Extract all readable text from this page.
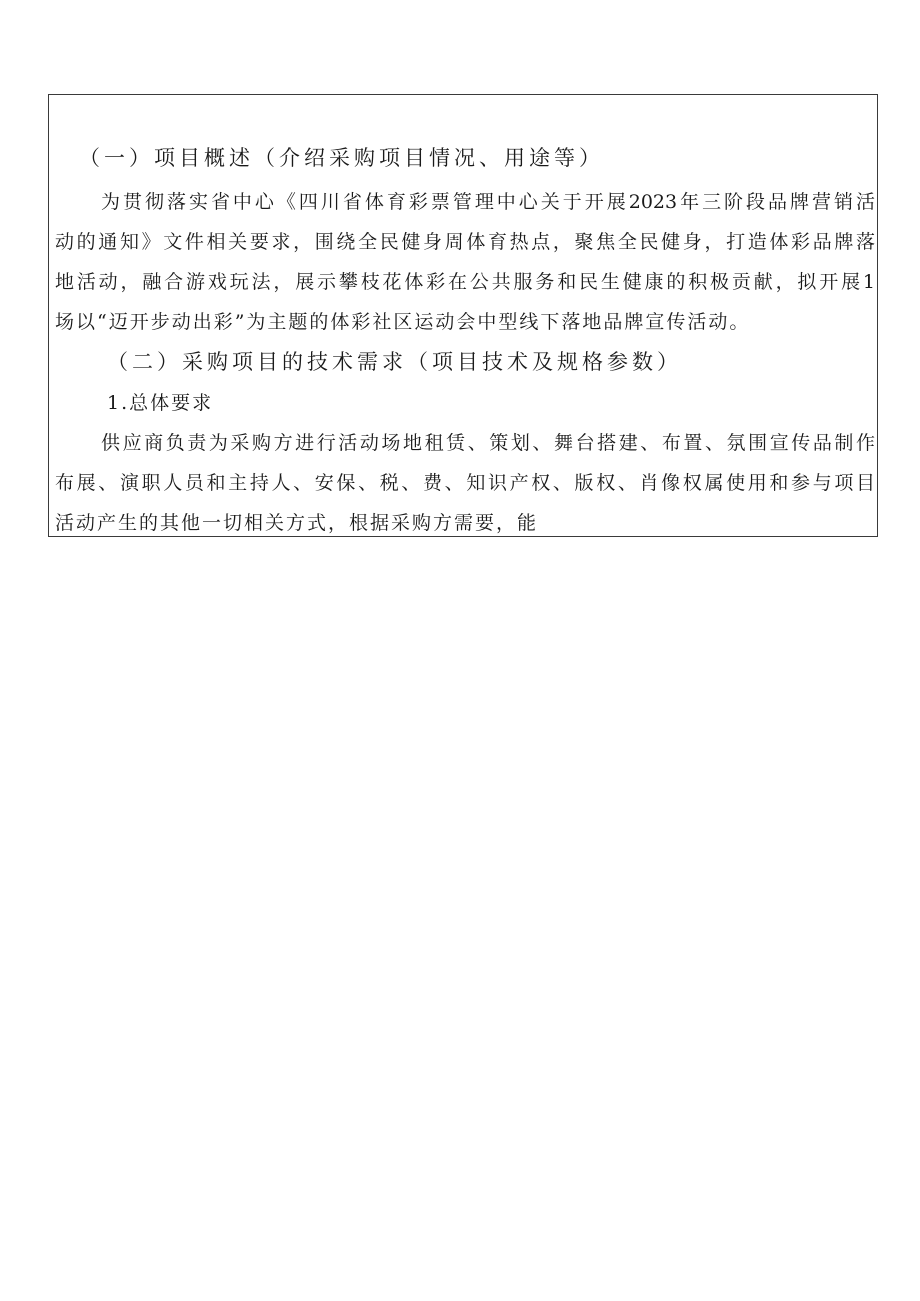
（一）项目概述（介绍采购项目情况、用途等）
为贯彻落实省中心《四川省体育彩票管理中心关于开展2023年三阶段品牌营销活
动的通知》文件相关要求，围绕全民健身周体育热点，聚焦全民健身，打造体彩品牌落
地活动，融合游戏玩法，展示攀枝花体彩在公共服务和民生健康的积极贡献，拟开展1
场以“迈开步动出彩”为主题的体彩社区运动会中型线下落地品牌宣传活动。
（二）采购项目的技术需求（项目技术及规格参数）
1.总体要求
供应商负责为采购方进行活动场地租赁、策划、舞台搭建、布置、氛围宣传品制作
布展、演职人员和主持人、安保、税、费、知识产权、版权、肖像权属使用和参与项目
活动产生的其他一切相关方式，根据采购方需要，能
